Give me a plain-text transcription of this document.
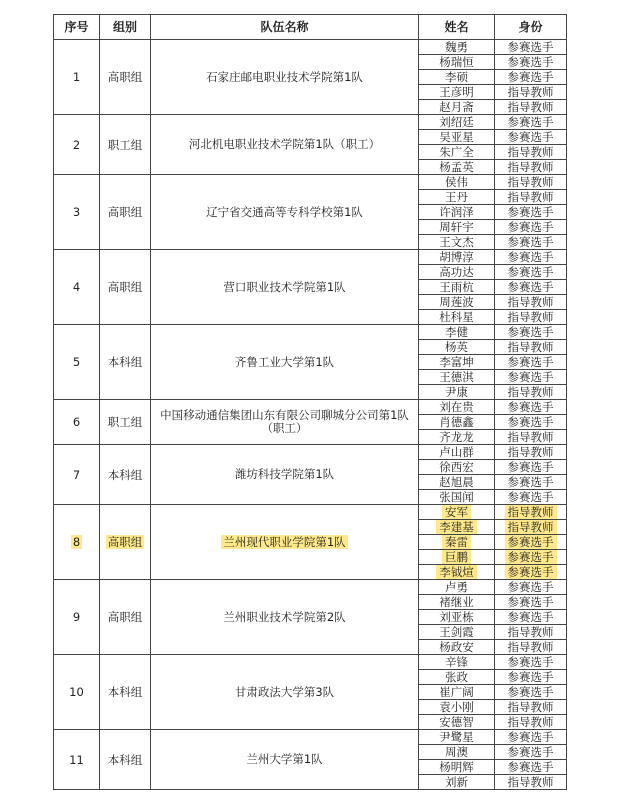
序号	组别	队伍名称	姓名	身份
1	高职组	石家庄邮电职业技术学院第1队	魏勇	参赛选手
			杨瑞恒	参赛选手
			李硕	参赛选手
			王彦明	指导教师
			赵月斋	指导教师
2	职工组	河北机电职业技术学院第1队（职工）	刘绍廷	参赛选手
			吴亚星	参赛选手
			朱广全	指导教师
			杨孟英	指导教师
3	高职组	辽宁省交通高等专科学校第1队	侯伟	指导教师
			王丹	指导教师
			许润泽	参赛选手
			周轩宇	参赛选手
			王文杰	参赛选手
4	高职组	营口职业技术学院第1队	胡博淳	参赛选手
			高功达	参赛选手
			王雨杭	参赛选手
			周莲波	指导教师
			杜科星	指导教师
5	本科组	齐鲁工业大学第1队	李健	参赛选手
			杨英	指导教师
			李富坤	参赛选手
			王德淇	参赛选手
			尹康	指导教师
6	职工组	中国移动通信集团山东有限公司聊城分公司第1队（职工）	刘在贵	参赛选手
			肖德鑫	参赛选手
			齐龙龙	指导教师
7	本科组	潍坊科技学院第1队	卢山群	指导教师
			徐西宏	参赛选手
			赵旭晨	参赛选手
			张国闻	参赛选手
8	高职组	兰州现代职业学院第1队	安军	指导教师
			李建基	指导教师
			秦雷	参赛选手
			巨鹏	参赛选手
			李钺煊	参赛选手
9	高职组	兰州职业技术学院第2队	卢勇	参赛选手
			褚继业	参赛选手
			刘亚栋	参赛选手
			王剑霞	指导教师
			杨政安	指导教师
10	本科组	甘肃政法大学第3队	辛锋	参赛选手
			张政	参赛选手
			崔广阔	参赛选手
			袁小刚	指导教师
			安德智	指导教师
11	本科组	兰州大学第1队	尹鹭星	参赛选手
			周澳	参赛选手
			杨明辉	参赛选手
			刘新	指导教师
